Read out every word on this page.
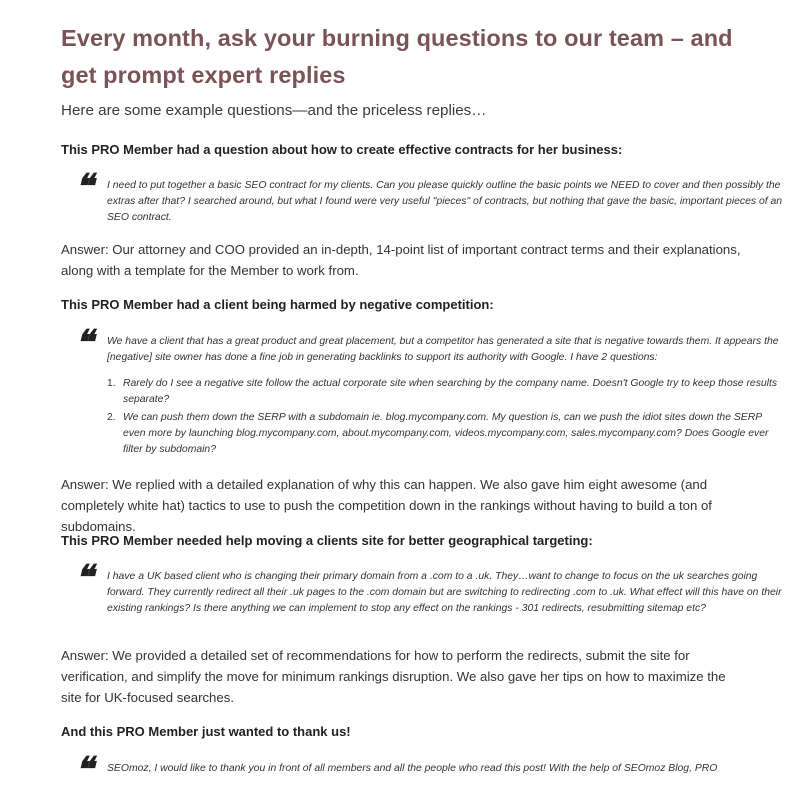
Every month, ask your burning questions to our team – and get prompt expert replies

Here are some example questions—and the priceless replies…

This PRO Member had a question about how to create effective contracts for her business:
❝ I need to put together a basic SEO contract for my clients. Can you please quickly outline the basic points we NEED to cover and then possibly the extras after that? I searched around, but what I found were very useful "pieces" of contracts, but nothing that gave the basic, important pieces of an SEO contract.

Answer: Our attorney and COO provided an in-depth, 14-point list of important contract terms and their explanations, along with a template for the Member to work from.

This PRO Member had a client being harmed by negative competition:
❝ We have a client that has a great product and great placement, but a competitor has generated a site that is negative towards them. It appears the [negative] site owner has done a fine job in generating backlinks to support its authority with Google. I have 2 questions:

1. Rarely do I see a negative site follow the actual corporate site when searching by the company name. Doesn't Google try to keep those results separate?
2. We can push them down the SERP with a subdomain ie. blog.mycompany.com. My question is, can we push the idiot sites down the SERP even more by launching blog.mycompany.com, about.mycompany.com, videos.mycompany.com, sales.mycompany.com? Does Google ever filter by subdomain?

Answer: We replied with a detailed explanation of why this can happen. We also gave him eight awesome (and completely white hat) tactics to use to push the competition down in the rankings without having to build a ton of subdomains.

This PRO Member needed help moving a clients site for better geographical targeting:
❝ I have a UK based client who is changing their primary domain from a .com to a .uk. They…want to change to focus on the uk searches going forward. They currently redirect all their .uk pages to the .com domain but are switching to redirecting .com to .uk. What effect will this have on their existing rankings? Is there anything we can implement to stop any effect on the rankings - 301 redirects, resubmitting sitemap etc?

Answer: We provided a detailed set of recommendations for how to perform the redirects, submit the site for verification, and simplify the move for minimum rankings disruption. We also gave her tips on how to maximize the site for UK-focused searches.

And this PRO Member just wanted to thank us!
❝ SEOmoz, I would like to thank you in front of all members and all the people who read this post! With the help of SEOmoz Blog, PRO
